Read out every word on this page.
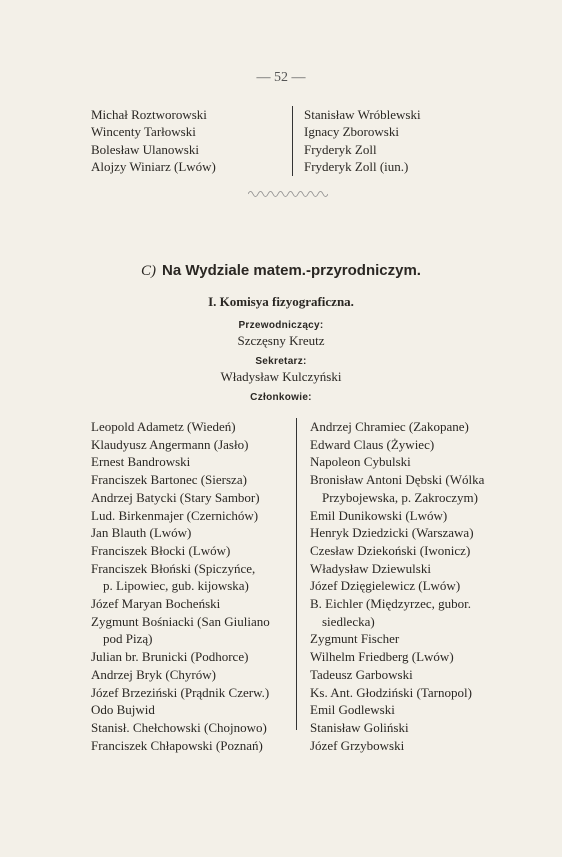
— 52 —
Michał Roztworowski
Wincenty Tarłowski
Bolesław Ulanowski
Alojzy Winiarz (Lwów)
Stanisław Wróblewski
Ignacy Zborowski
Fryderyk Zoll
Fryderyk Zoll (iun.)
C) Na Wydziale matem.-przyrodniczym.
I. Komisya fizyograficzna.
Przewodniczący:
Szczęsny Kreutz
Sekretarz:
Władysław Kulczyński
Członkowie:
Leopold Adametz (Wiedeń)
Klaudyusz Angermann (Jasło)
Ernest Bandrowski
Franciszek Bartonec (Siersza)
Andrzej Batycki (Stary Sambor)
Lud. Birkenmajer (Czernichów)
Jan Blauth (Lwów)
Franciszek Błocki (Lwów)
Franciszek Błoński (Spiczyńce,
p. Lipowiec, gub. kijowska)
Józef Maryan Bocheński
Zygmunt Bośniacki (San Giuliano
pod Pizą)
Julian br. Brunicki (Podhorce)
Andrzej Bryk (Chyrów)
Józef Brzeziński (Prądnik Czerw.)
Odo Bujwid
Stanisł. Chełchowski (Chojnowo)
Franciszek Chłapowski (Poznań)
Andrzej Chramiec (Zakopane)
Edward Claus (Żywiec)
Napoleon Cybulski
Bronisław Antoni Dębski (Wólka
Przybojewska, p. Zakroczym)
Emil Dunikowski (Lwów)
Henryk Dziedzicki (Warszawa)
Czesław Dziekoński (Iwonicz)
Władysław Dziewulski
Józef Dzięgielewicz (Lwów)
B. Eichler (Międzyrzec, gubor.
siedlecka)
Zygmunt Fischer
Wilhelm Friedberg (Lwów)
Tadeusz Garbowski
Ks. Ant. Głodziński (Tarnopol)
Emil Godlewski
Stanisław Goliński
Józef Grzybowski
